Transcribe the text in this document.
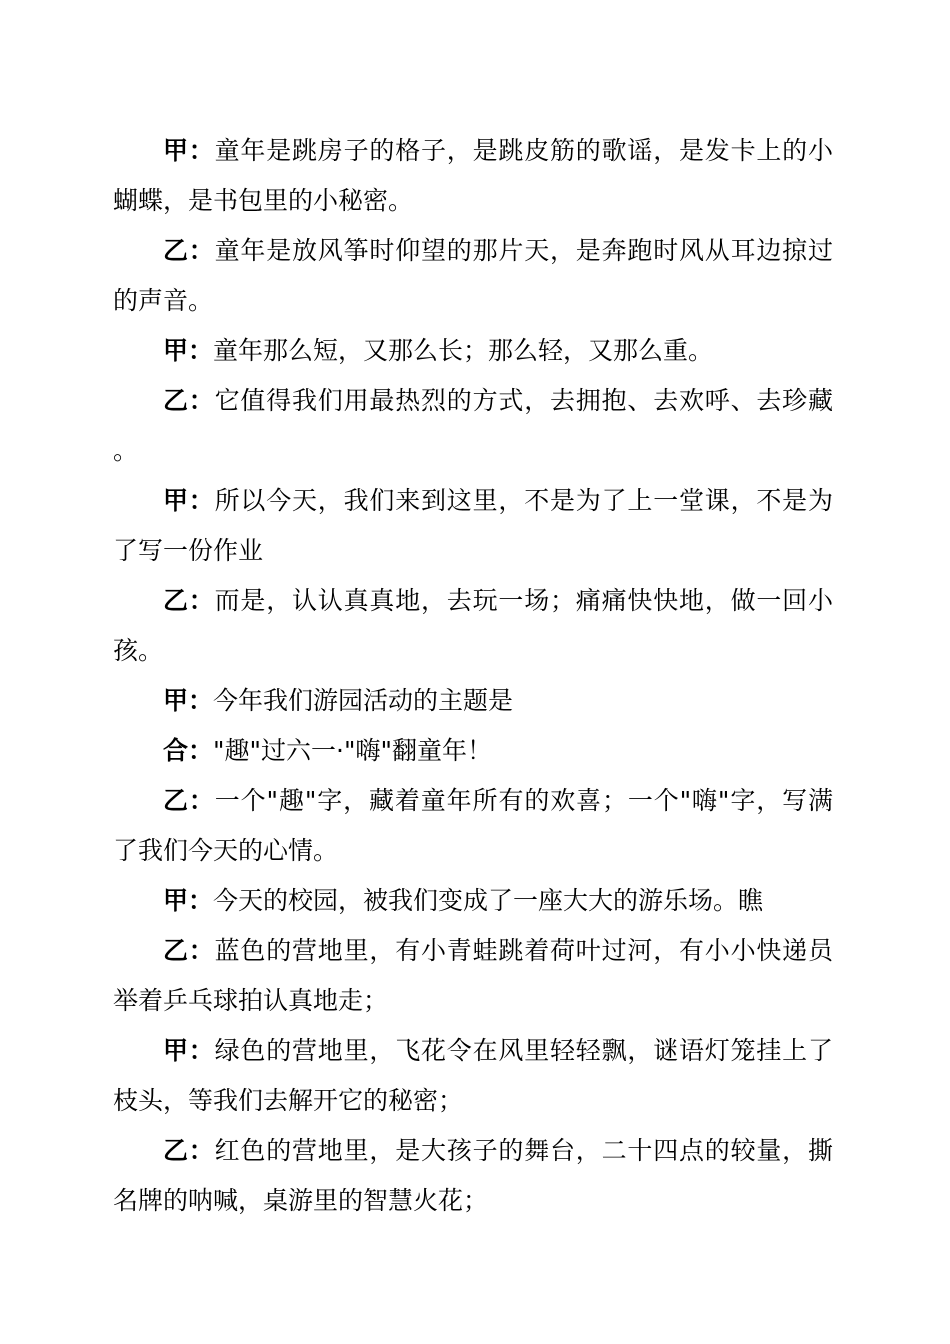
甲：童年是跳房子的格子，是跳皮筋的歌谣，是发卡上的小蝴蝶，是书包里的小秘密。

乙：童年是放风筝时仰望的那片天，是奔跑时风从耳边掠过的声音。

甲：童年那么短，又那么长；那么轻，又那么重。

乙：它值得我们用最热烈的方式，去拥抱、去欢呼、去珍藏。

甲：所以今天，我们来到这里，不是为了上一堂课，不是为了写一份作业

乙：而是，认认真真地，去玩一场；痛痛快快地，做一回小孩。

甲：今年我们游园活动的主题是

合："趣"过六一·"嗨"翻童年！

乙：一个"趣"字，藏着童年所有的欢喜；一个"嗨"字，写满了我们今天的心情。

甲：今天的校园，被我们变成了一座大大的游乐场。瞧

乙：蓝色的营地里，有小青蛙跳着荷叶过河，有小小快递员举着乒乓球拍认真地走；

甲：绿色的营地里，飞花令在风里轻轻飘，谜语灯笼挂上了枝头，等我们去解开它的秘密；

乙：红色的营地里，是大孩子的舞台，二十四点的较量，撕名牌的呐喊，桌游里的智慧火花；
